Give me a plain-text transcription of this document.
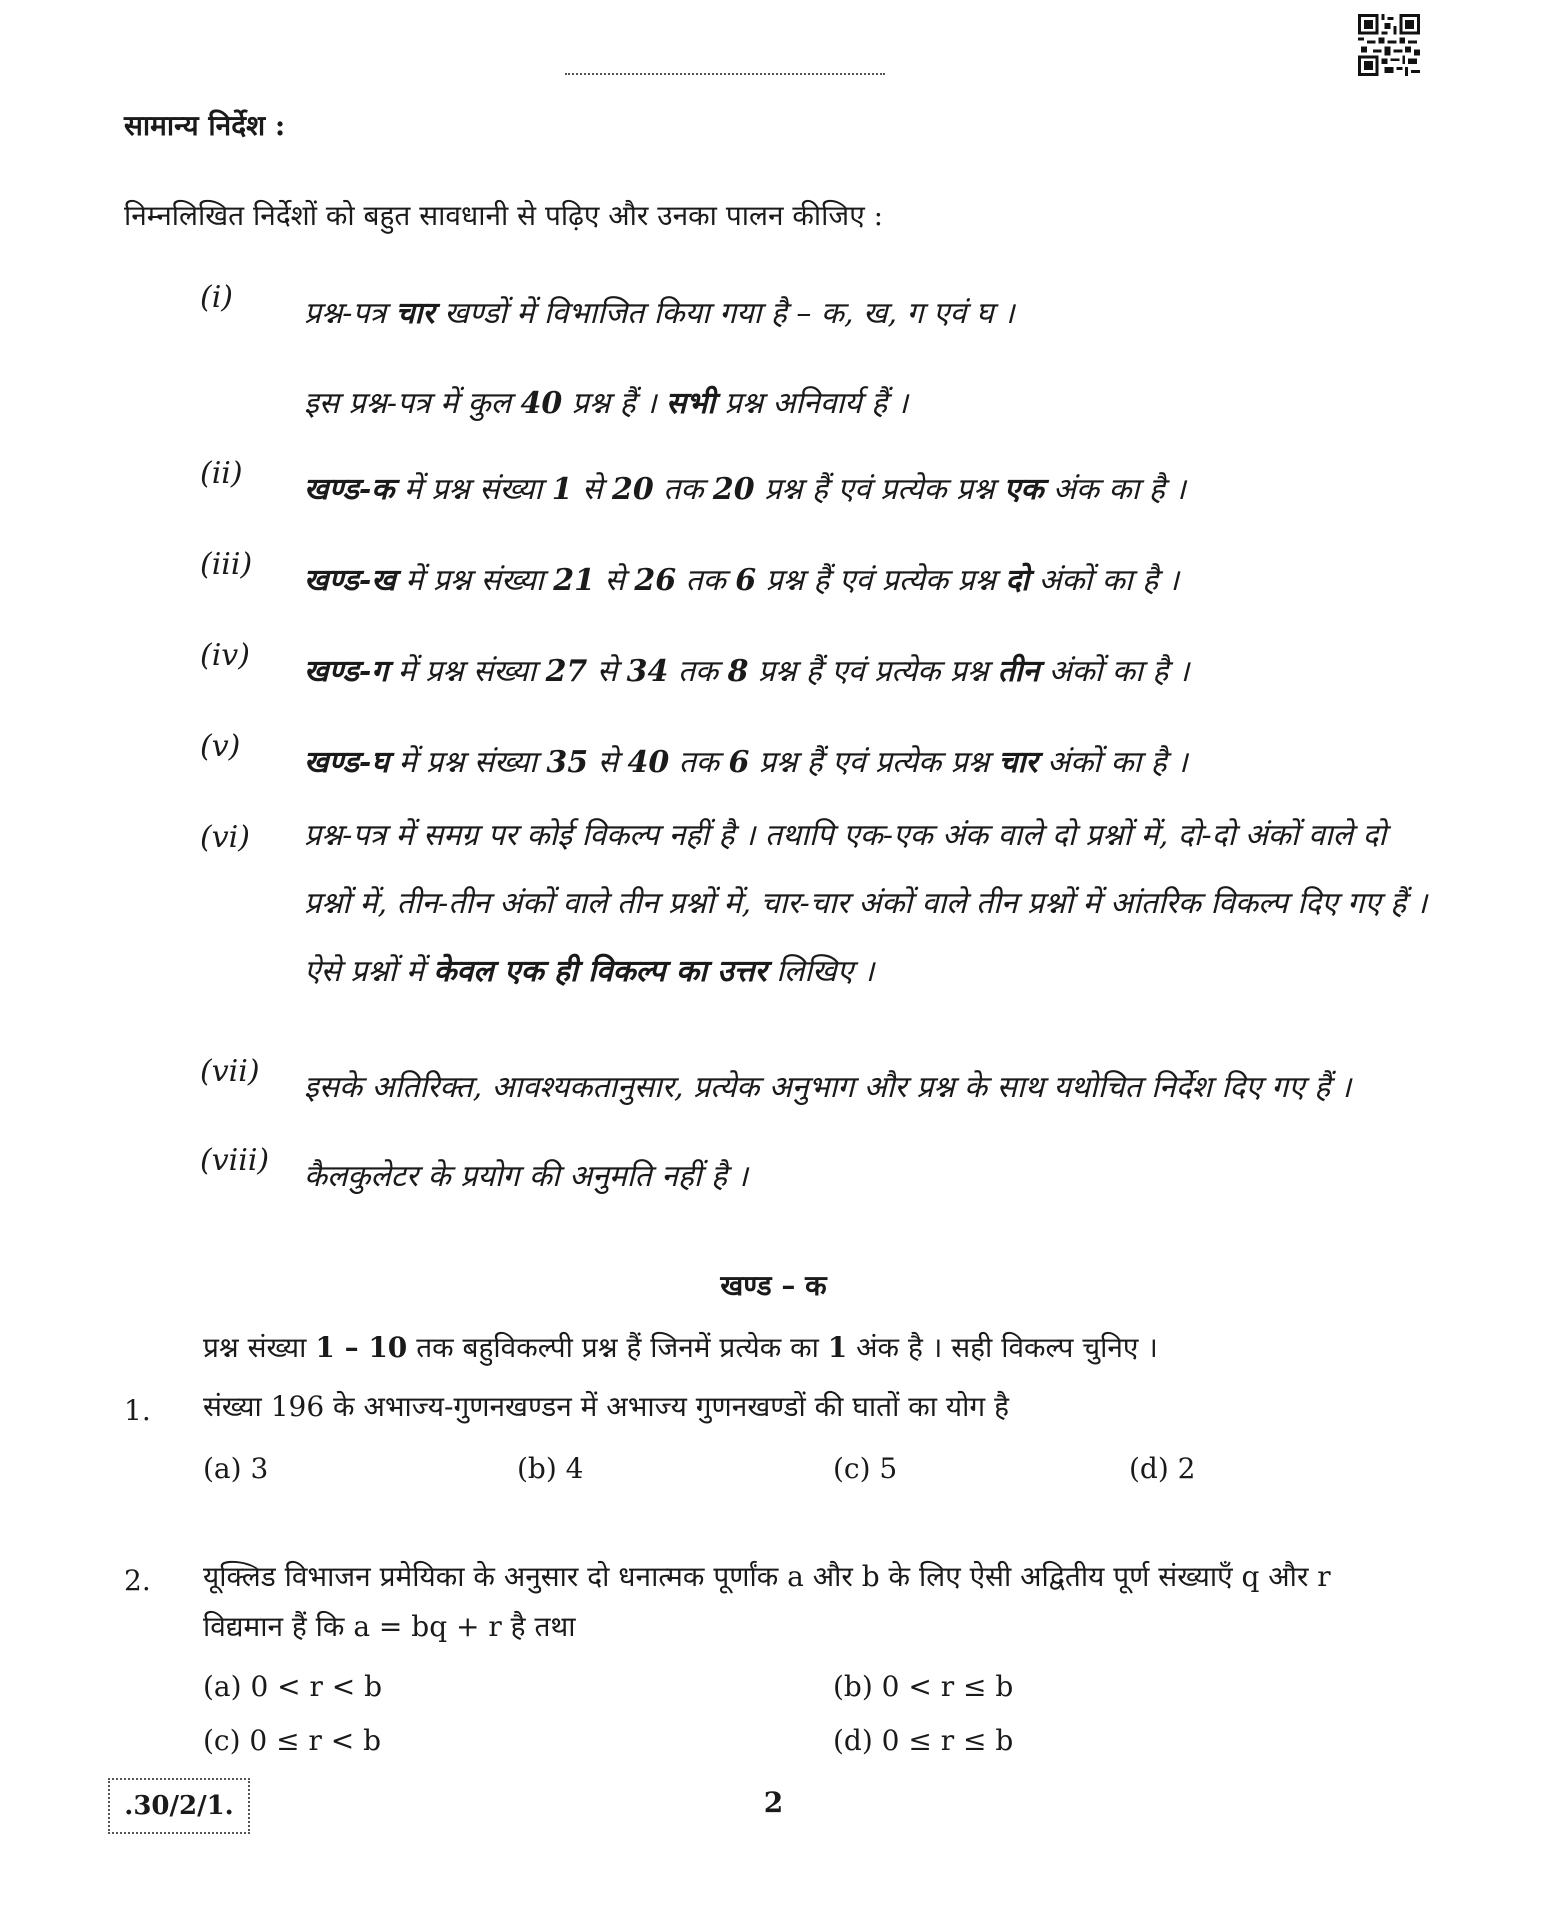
सामान्य निर्देश :
निम्नलिखित निर्देशों को बहुत सावधानी से पढ़िए और उनका पालन कीजिए :
(i)	प्रश्न-पत्र चार खण्डों में विभाजित किया गया है – क, ख, ग एवं घ ।
इस प्रश्न-पत्र में कुल 40 प्रश्न हैं । सभी प्रश्न अनिवार्य हैं ।
(ii)	खण्ड-क में प्रश्न संख्या 1 से 20 तक 20 प्रश्न हैं एवं प्रत्येक प्रश्न एक अंक का है ।
(iii)	खण्ड-ख में प्रश्न संख्या 21 से 26 तक 6 प्रश्न हैं एवं प्रत्येक प्रश्न दो अंकों का है ।
(iv)	खण्ड-ग में प्रश्न संख्या 27 से 34 तक 8 प्रश्न हैं एवं प्रत्येक प्रश्न तीन अंकों का है ।
(v)	खण्ड-घ में प्रश्न संख्या 35 से 40 तक 6 प्रश्न हैं एवं प्रत्येक प्रश्न चार अंकों का है ।
(vi)	प्रश्न-पत्र में समग्र पर कोई विकल्प नहीं है । तथापि एक-एक अंक वाले दो प्रश्नों में, दो-दो अंकों वाले दो प्रश्नों में, तीन-तीन अंकों वाले तीन प्रश्नों में, चार-चार अंकों वाले तीन प्रश्नों में आंतरिक विकल्प दिए गए हैं । ऐसे प्रश्नों में केवल एक ही विकल्प का उत्तर लिखिए ।
(vii)	इसके अतिरिक्त, आवश्यकतानुसार, प्रत्येक अनुभाग और प्रश्न के साथ यथोचित निर्देश दिए गए हैं ।
(viii)	कैलकुलेटर के प्रयोग की अनुमति नहीं है ।
खण्ड – क
प्रश्न संख्या 1 – 10 तक बहुविकल्पी प्रश्न हैं जिनमें प्रत्येक का 1 अंक है । सही विकल्प चुनिए ।
1. संख्या 196 के अभाज्य-गुणनखण्डन में अभाज्य गुणनखण्डों की घातों का योग है
(a) 3	(b) 4	(c) 5	(d) 2
2. यूक्लिड विभाजन प्रमेयिका के अनुसार दो धनात्मक पूर्णांक a और b के लिए ऐसी अद्वितीय पूर्ण संख्याएँ q और r विद्यमान हैं कि a = bq + r है तथा
(a) 0 < r < b	(b) 0 < r ≤ b
(c) 0 ≤ r < b	(d) 0 ≤ r ≤ b
.30/2/1.	2
